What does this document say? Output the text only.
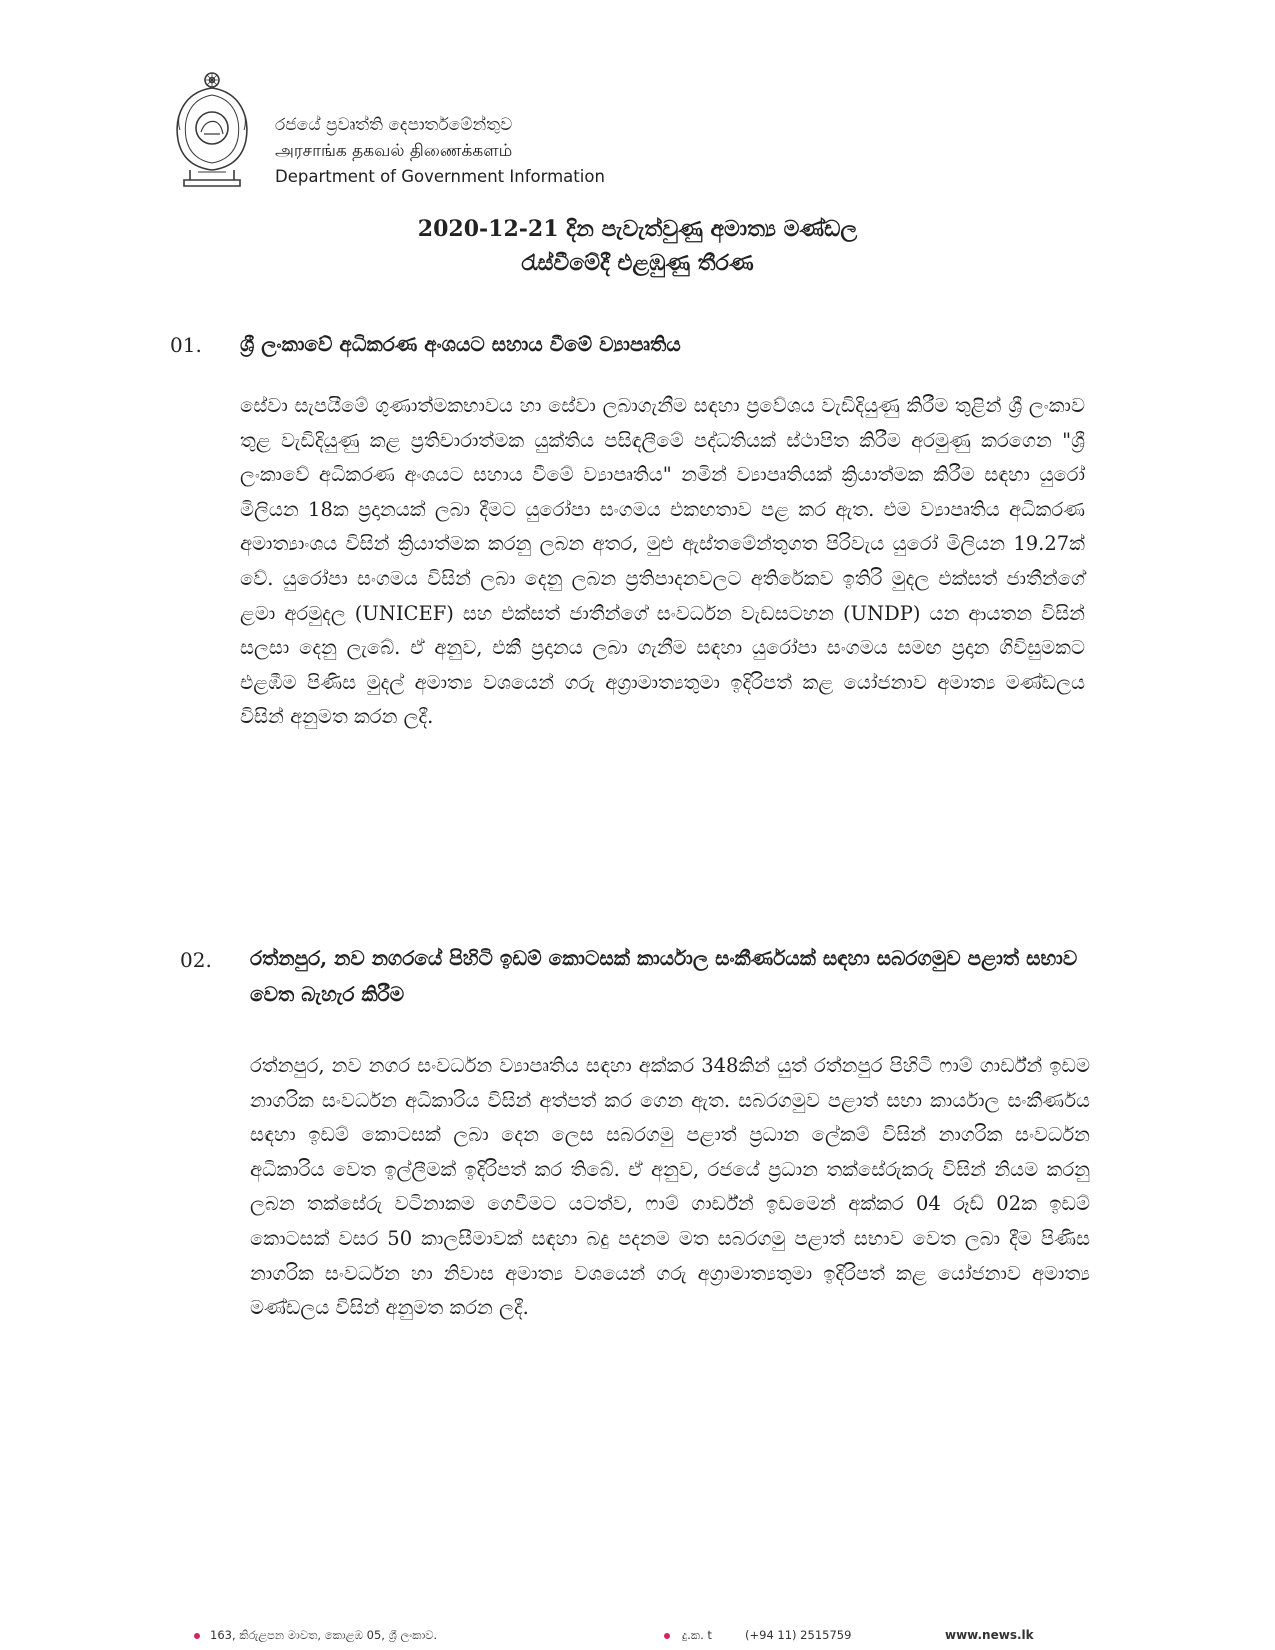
රජයේ ප්‍රවෘත්ති දෙපාර්තමේන්තුව
அரசாங்க தகவல் திணைக்களம்
Department of Government Information
2020-12-21 දින පැවැත්වුණු අමාත්‍ය මණ්ඩල
රැස්වීමේදී එළඹුණු තීරණ
01. ශ්‍රී ලංකාවේ අධිකරණ අංශයට සහාය වීමේ ව්‍යාපෘතිය
සේවා සැපයීමේ ගුණාත්මකභාවය හා සේවා ලබාගැනීම සඳහා ප්‍රවේශය වැඩිදියුණු කිරීම තුළින් ශ්‍රී ලංකාව තුළ වැඩිදියුණු කළ ප්‍රතිචාරාත්මක යුක්තිය පසිඳලීමේ පද්ධතියක් ස්ථාපිත කිරීම අරමුණු කරගෙන "ශ්‍රී ලංකාවේ අධිකරණ අංශයට සහාය වීමේ ව්‍යාපෘතිය" නමින් ව්‍යාපෘතියක් ක්‍රියාත්මක කිරීම සඳහා යුරෝ මිලියන 18ක ප්‍රදානයක් ලබා දීමට යුරෝපා සංගමය එකඟතාව පළ කර ඇත. එම ව්‍යාපෘතිය අධිකරණ අමාත්‍යාංශය විසින් ක්‍රියාත්මක කරනු ලබන අතර, මුළු ඇස්තමේන්තුගත පිරිවැය යුරෝ මිලියන 19.27ක් වේ. යුරෝපා සංගමය විසින් ලබා දෙනු ලබන ප්‍රතිපාදනවලට අතිරේකව ඉතිරි මුදල එක්සත් ජාතීන්ගේ ළමා අරමුදල (UNICEF) සහ එක්සත් ජාතීන්ගේ සංවර්ධන වැඩසටහන (UNDP) යන ආයතන විසින් සලසා දෙනු ලැබේ. ඒ අනුව, එකී ප්‍රදානය ලබා ගැනීම සඳහා යුරෝපා සංගමය සමඟ ප්‍රදාන ගිවිසුමකට එළඹීම පිණිස මුදල් අමාත්‍ය වශයෙන් ගරු අග්‍රාමාත්‍යතුමා ඉදිරිපත් කළ යෝජනාව අමාත්‍ය මණ්ඩලය විසින් අනුමත කරන ලදී.
02. රත්නපුර, නව නගරයේ පිහිටි ඉඩම් කොටසක් කාර්යාල සංකීර්ණයක් සඳහා සබරගමුව පළාත් සභාව වෙත බැහැර කිරීම
රත්නපුර, නව නගර සංවර්ධන ව්‍යාපෘතිය සඳහා අක්කර 348කින් යුත් රත්නපුර පිහිටි ෆාම් ගාර්ඩ්න් ඉඩම නාගරික සංවර්ධන අධිකාරිය විසින් අත්පත් කර ගෙන ඇත. සබරගමුව පළාත් සභා කාර්යාල සංකීර්ණය සඳහා ඉඩම් කොටසක් ලබා දෙන ලෙස සබරගමු පළාත් ප්‍රධාන ලේකම් විසින් නාගරික සංවර්ධන අධිකාරිය වෙත ඉල්ලීමක් ඉදිරිපත් කර තිබේ. ඒ අනුව, රජයේ ප්‍රධාන තක්සේරුකරු විසින් නියම කරනු ලබන තක්සේරු වටිනාකම ගෙවීමට යටත්ව, ෆාම් ගාර්ඩ්න් ඉඩමෙන් අක්කර 04 රූඩ් 02ක ඉඩම් කොටසක් වසර 50 කාලසීමාවක් සඳහා බදු පදනම මත සබරගමු පළාත් සභාව වෙත ලබා දීම පිණිස නාගරික සංවර්ධන හා නිවාස අමාත්‍ය වශයෙන් ගරු අග්‍රාමාත්‍යතුමා ඉදිරිපත් කළ යෝජනාව අමාත්‍ය මණ්ඩලය විසින් අනුමත කරන ලදී.
163, කිරුළපන මාවත, කොළඹ 05, ශ්‍රී ලංකාව.	දු.ක. t	(+94 11) 2515759	www.news.lk
